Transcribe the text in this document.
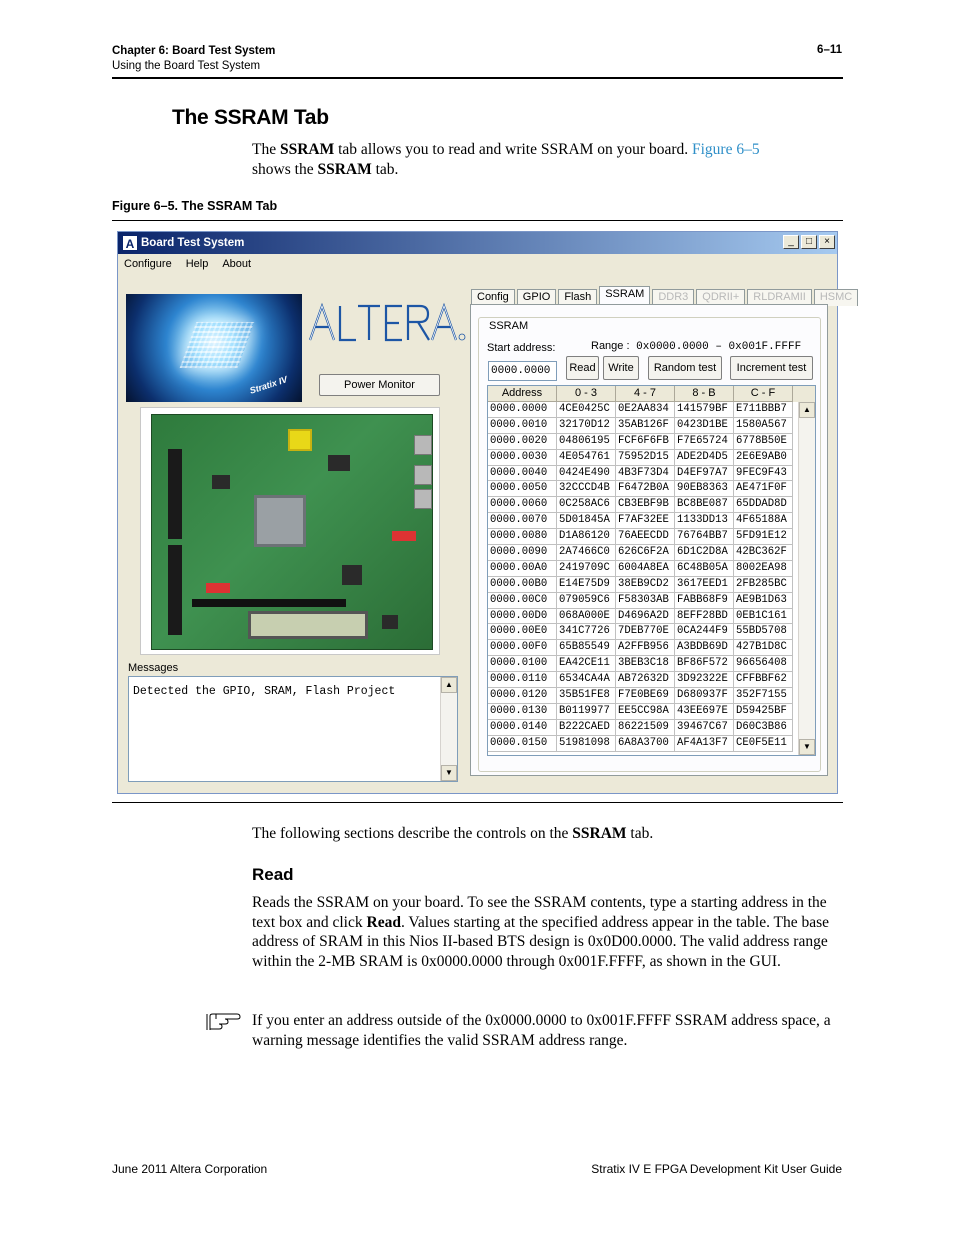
Chapter 6: Board Test System
Using the Board Test System
6–11
The SSRAM Tab
The SSRAM tab allows you to read and write SSRAM on your board. Figure 6–5
shows the SSRAM tab.
Figure 6–5. The SSRAM Tab
A Board Test System	_	□	×
Configure Help About
Stratix IV	Power Monitor
Messages
Detected the GPIO, SRAM, Flash Project
▲
▼
Config	GPIO	Flash	SSRAM	DDR3	QDRII+	RLDRAMII	HSMC
SSRAM
Start address:	Range : 0x0000.0000 – 0x001F.FFFF
0000.0000	Read	Write	Random test	Increment test
Address	0 - 3	4 - 7	8 - B	C - F
0000.0000	4CE0425C 0E2AA834 141579BF E711BBB7
0000.0010	32170D12 35AB126F 0423D1BE 1580A567
0000.0020	04806195 FCF6F6FB F7E65724 6778B50E
0000.0030	4E054761 75952D15 ADE2D4D5 2E6E9AB0
0000.0040	0424E490 4B3F73D4 D4EF97A7 9FEC9F43
0000.0050	32CCCD4B F6472B0A 90EB8363 AE471F0F
0000.0060	0C258AC6 CB3EBF9B BC8BE087 65DDAD8D
0000.0070	5D01845A F7AF32EE 1133DD13 4F65188A
0000.0080	D1A86120 76AEECDD 76764BB7 5FD91E12
0000.0090	2A7466C0 626C6F2A 6D1C2D8A 42BC362F
0000.00A0	2419709C 6004A8EA 6C48B05A 8002EA98
0000.00B0	E14E75D9 38EB9CD2 3617EED1 2FB285BC
0000.00C0	079059C6 F58303AB FABB68F9 AE9B1D63
0000.00D0	068A000E D4696A2D 8EFF28BD 0EB1C161
0000.00E0	341C7726 7DEB770E 0CA244F9 55BD5708
0000.00F0	65B85549 A2FFB956 A3BDB69D 427B1D8C
0000.0100	EA42CE11 3BEB3C18 BF86F572 96656408
0000.0110	6534CA4A AB72632D 3D92322E CFFBBF62
0000.0120	35B51FE8 F7E0BE69 D680937F 352F7155
0000.0130	B0119977 EE5CC98A 43EE697E D59425BF
0000.0140	B222CAED 86221509 39467C67 D60C3B86
0000.0150	51981098 6A8A3700 AF4A13F7 CE0F5E11
▲
▼
The following sections describe the controls on the SSRAM tab.
Read
Reads the SSRAM on your board. To see the SSRAM contents, type a starting address in the text box and click Read. Values starting at the specified address appear in the table. The base address of SRAM in this Nios II-based BTS design is 0x0D00.0000. The valid address range within the 2-MB SRAM is 0x0000.0000 through 0x001F.FFFF, as shown in the GUI.
If you enter an address outside of the 0x0000.0000 to 0x001F.FFFF SSRAM address space, a warning message identifies the valid SSRAM address range.
June 2011 Altera Corporation	Stratix IV E FPGA Development Kit User Guide
